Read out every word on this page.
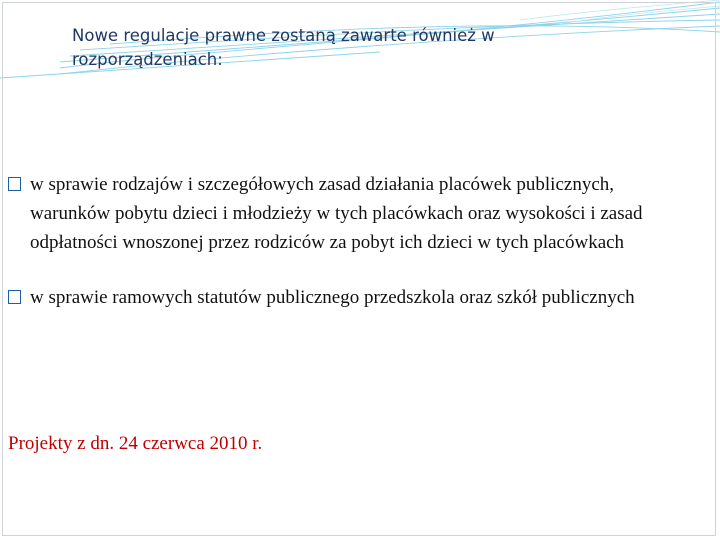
Nowe regulacje prawne zostaną zawarte również w rozporządzeniach:
w sprawie rodzajów i szczegółowych zasad działania placówek publicznych, warunków pobytu dzieci i młodzieży w tych placówkach oraz wysokości i zasad odpłatności wnoszonej przez rodziców za pobyt ich dzieci w tych placówkach
w sprawie ramowych statutów publicznego przedszkola oraz szkół publicznych
Projekty z dn. 24 czerwca 2010 r.
